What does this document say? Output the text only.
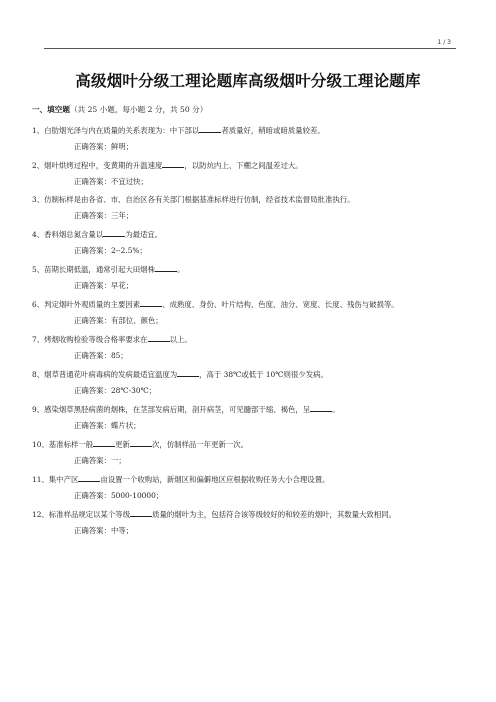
1 / 3
高级烟叶分级工理论题库高级烟叶分级工理论题库
一、填空题（共 25 小题，每小题 2 分，共 50 分）
1、白肋烟光泽与内在质量的关系表现为：中下部以	者质量好，稍暗或暗质量较差。
正确答案：鲜明；
2、烟叶烘烤过程中，变黄期的升温速度	，以防炕内上、下棚之间温差过大。
正确答案：不宜过快；
3、仿制标样是由各省、市、自治区各有关部门根据基准标样进行仿制，经省技术监督局批准执行。
正确答案：三年；
4、香料烟总氮含量以	为最适宜。
正确答案：2--2.5%；
5、苗期长期低温，通常引起大田烟株	。
正确答案：早花；
6、判定烟叶外观质量的主要因素	、成熟度、身份、叶片结构、色度、油分、宽度、长度、残伤与破损等。
正确答案：有部位、颜色；
7、烤烟收购检验等级合格率要求在	以上。
正确答案：85；
8、烟草普通花叶病毒病的发病最适宜温度为	，高于 38℃或低于 10℃则很少发病。
正确答案：28℃-30℃；
9、感染烟草黑胫病菌的烟株，在茎部发病后期，剖开病茎，可见髓部干缩、褐色，呈	。
正确答案：蝶片状；
10、基准标样一般	更新	次，仿制样品一年更新一次。
正确答案：一；
11、集中产区	亩设置一个收购站，新烟区和偏僻地区应根据收购任务大小合理设置。
正确答案：5000-10000；
12、标准样品规定以某个等级	质量的烟叶为主，包括符合该等级较好的和较差的烟叶，其数量大致相同。
正确答案：中等；
